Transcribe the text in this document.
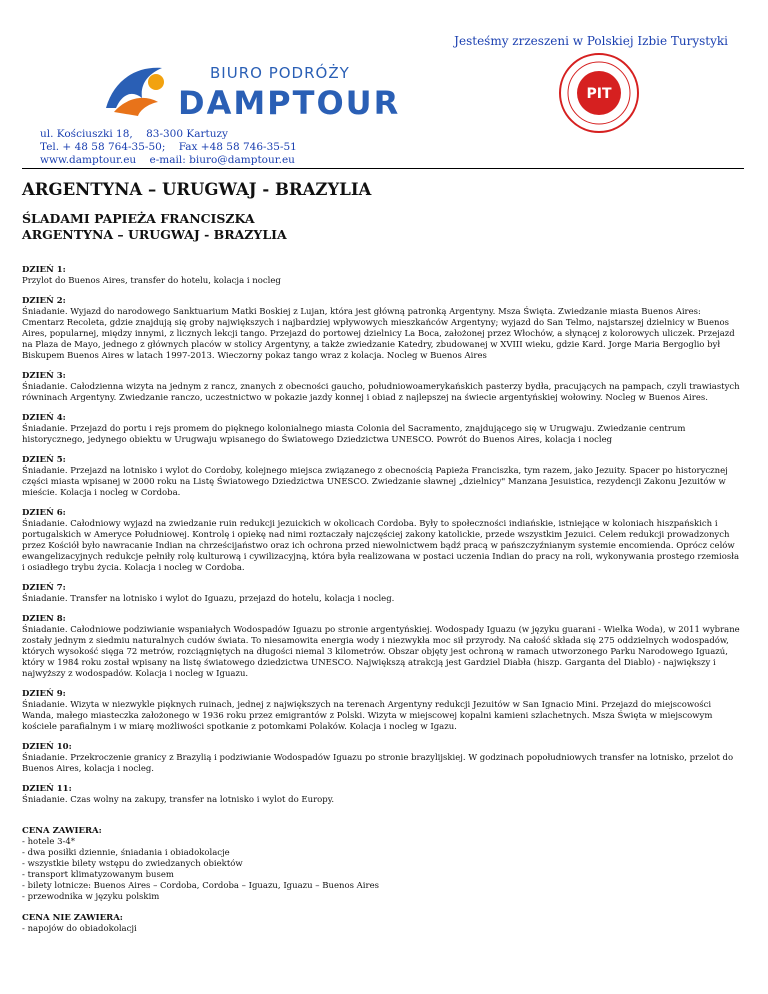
Jesteśmy zrzeszeni w Polskiej Izbie Turystyki
BIURO PODRÓŻY
DAMPTOUR	PIT
ul. Kościuszki 18,    83-300 Kartuzy
Tel. + 48 58 764-35-50;    Fax +48 58 746-35-51
www.damptour.eu    e-mail: biuro@damptour.eu
ARGENTYNA – URUGWAJ - BRAZYLIA
ŚLADAMI PAPIEŻA FRANCISZKA
ARGENTYNA – URUGWAJ - BRAZYLIA
DZIEŃ 1:
Przylot do Buenos Aires, transfer do hotelu, kolacja i nocleg
DZIEŃ 2:
Śniadanie. Wyjazd do narodowego Sanktuarium Matki Boskiej z Lujan, która jest główną patronką Argentyny. Msza Święta. Zwiedzanie miasta Buenos Aires: Cmentarz Recoleta, gdzie znajdują się groby największych i najbardziej wpływowych mieszkańców Argentyny; wyjazd do San Telmo, najstarszej dzielnicy w Buenos Aires, popularnej, między innymi, z licznych lekcji tango. Przejazd do portowej dzielnicy La Boca, założonej przez Włochów, a słynącej z kolorowych uliczek. Przejazd na Plaza de Mayo, jednego z głównych placów w stolicy Argentyny, a także zwiedzanie Katedry, zbudowanej w XVIII wieku, gdzie Kard. Jorge Maria Bergoglio był Biskupem Buenos Aires w latach 1997-2013. Wieczorny pokaz tango wraz z kolacja. Nocleg w Buenos Aires
DZIEŃ 3:
Śniadanie. Całodzienna wizyta na jednym z rancz, znanych z obecności gaucho, południowoamerykańskich pasterzy bydła, pracujących na pampach, czyli trawiastych równinach Argentyny. Zwiedzanie ranczo, uczestnictwo w pokazie jazdy konnej i obiad z najlepszej na świecie argentyńskiej wołowiny. Nocleg w Buenos Aires.
DZIEŃ 4:
Śniadanie. Przejazd do portu i rejs promem do pięknego kolonialnego miasta Colonia del Sacramento, znajdującego się w Urugwaju. Zwiedzanie centrum historycznego, jedynego obiektu w Urugwaju wpisanego do Światowego Dziedzictwa UNESCO. Powrót do Buenos Aires, kolacja i nocleg
DZIEŃ 5:
Śniadanie. Przejazd na lotnisko i wylot do Cordoby, kolejnego miejsca związanego z obecnością Papieża Franciszka, tym razem, jako Jezuity. Spacer po historycznej części miasta wpisanej w 2000 roku na Listę Światowego Dziedzictwa UNESCO. Zwiedzanie sławnej „dzielnicy" Manzana Jesuistica, rezydencji Zakonu Jezuitów w mieście. Kolacja i nocleg w Cordoba.
DZIEŃ 6:
Śniadanie. Całodniowy wyjazd na zwiedzanie ruin redukcji jezuickich w okolicach Cordoba. Były to społeczności indiańskie, istniejące w koloniach hiszpańskich i portugalskich w Ameryce Południowej. Kontrolę i opiekę nad nimi roztaczały najczęściej zakony katolickie, przede wszystkim Jezuici. Celem redukcji prowadzonych przez Kościół było nawracanie Indian na chrześcijaństwo oraz ich ochrona przed niewolnictwem bądź pracą w pańszczyźnianym systemie encomienda. Oprócz celów ewangelizacyjnych redukcje pełniły rolę kulturową i cywilizacyjną, która była realizowana w postaci uczenia Indian do pracy na roli, wykonywania prostego rzemiosła i osiadłego trybu życia. Kolacja i nocleg w Cordoba.
DZIEŃ 7:
Śniadanie. Transfer na lotnisko i wylot do Iguazu, przejazd do hotelu, kolacja i nocleg.
DZIEN 8:
Śniadanie. Całodniowe podziwianie wspaniałych Wodospadów Iguazu po stronie argentyńskiej. Wodospady Iguazu (w języku guarani - Wielka Woda), w 2011 wybrane zostały jednym z siedmiu naturalnych cudów świata. To niesamowita energia wody i niezwykła moc sił przyrody. Na całość składa się 275 oddzielnych wodospadów, których wysokość sięga 72 metrów, rozciągniętych na długości niemal 3 kilometrów. Obszar objęty jest ochroną w ramach utworzonego Parku Narodowego Iguazú, który w 1984 roku został wpisany na listę światowego dziedzictwa UNESCO. Największą atrakcją jest Gardziel Diabła (hiszp. Garganta del Diablo) - największy i najwyższy z wodospadów. Kolacja i nocleg w Iguazu.
DZIEŃ 9:
Śniadanie. Wizyta w niezwykle pięknych ruinach, jednej z największych na terenach Argentyny redukcji Jezuitów w San Ignacio Mini. Przejazd do miejscowości Wanda, małego miasteczka założonego w 1936 roku przez emigrantów z Polski. Wizyta w miejscowej kopalni kamieni szlachetnych. Msza Święta w miejscowym kościele parafialnym i w miarę możliwości spotkanie z potomkami Polaków. Kolacja i nocleg w Igazu.
DZIEŃ 10:
Śniadanie. Przekroczenie granicy z Brazylią i podziwianie Wodospadów Iguazu po stronie brazylijskiej. W godzinach popołudniowych transfer na lotnisko, przelot do Buenos Aires, kolacja i nocleg.
DZIEŃ 11:
Śniadanie. Czas wolny na zakupy, transfer na lotnisko i wylot do Europy.
CENA ZAWIERA:
- hotele 3-4*
- dwa posiłki dziennie, śniadania i obiadokolacje
- wszystkie bilety wstępu do zwiedzanych obiektów
- transport klimatyzowanym busem
- bilety lotnicze: Buenos Aires – Cordoba, Cordoba – Iguazu, Iguazu – Buenos Aires
- przewodnika w języku polskim
CENA NIE ZAWIERA:
- napojów do obiadokolacji
